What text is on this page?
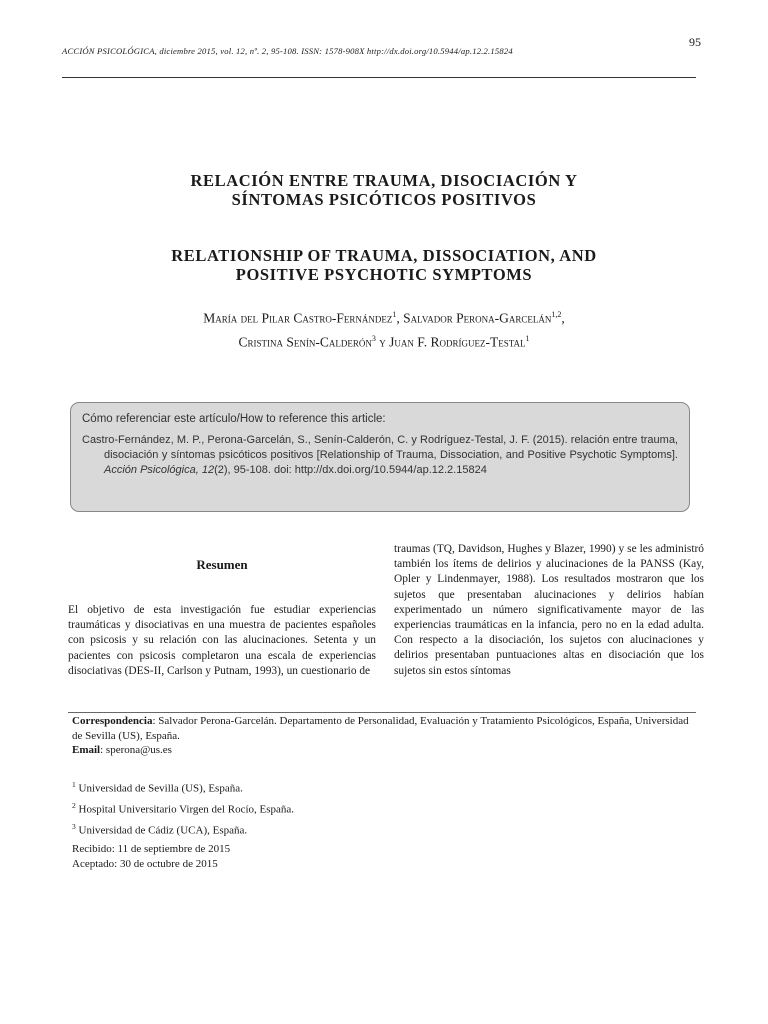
ACCIÓN PSICOLÓGICA, diciembre 2015, vol. 12, nº. 2, 95-108. ISSN: 1578-908X http://dx.doi.org/10.5944/ap.12.2.15824
95
RELACIÓN ENTRE TRAUMA, DISOCIACIÓN Y
SÍNTOMAS PSICÓTICOS POSITIVOS
RELATIONSHIP OF TRAUMA, DISSOCIATION, AND
POSITIVE PSYCHOTIC SYMPTOMS
María del Pilar Castro-Fernández$^1$, Salvador Perona-Garcelán$^{1,2}$,
Cristina Senín-Calderón$^3$ y Juan F. Rodríguez-Testal$^1$
Cómo referenciar este artículo/How to reference this article:
Castro-Fernández, M. P., Perona-Garcelán, S., Senín-Calderón, C. y Rodríguez-Testal, J. F. (2015). relación entre trauma, disociación y síntomas psicóticos positivos [Relationship of Trauma, Dissociation, and Positive Psychotic Symptoms]. Acción Psicológica, 12(2), 95-108. doi: http://dx.doi.org/10.5944/ap.12.2.15824
Resumen

El objetivo de esta investigación fue estudiar experiencias traumáticas y disociativas en una muestra de pacientes españoles con psicosis y su relación con las alucinaciones. Setenta y un pacientes con psicosis completaron una escala de experiencias disociativas (DES-II, Carlson y Putnam, 1993), un cuestionario de

traumas (TQ, Davidson, Hughes y Blazer, 1990) y se les administró también los ítems de delirios y alucinaciones de la PANSS (Kay, Opler y Lindenmayer, 1988). Los resultados mostraron que los sujetos que presentaban alucinaciones y delirios habían experimentado un número significativamente mayor de las experiencias traumáticas en la infancia, pero no en la edad adulta. Con respecto a la disociación, los sujetos con alucinaciones y delirios presentaban puntuaciones altas en disociación que los sujetos sin estos síntomas

Correspondencia: Salvador Perona-Garcelán. Departamento de Personalidad, Evaluación y Tratamiento Psicológicos, España, Universidad de Sevilla (US), España.
Email: sperona@us.es
$^1$ Universidad de Sevilla (US), España.
$^2$ Hospital Universitario Virgen del Rocío, España.
$^3$ Universidad de Cádiz (UCA), España.
Recibido: 11 de septiembre de 2015
Aceptado: 30 de octubre de 2015
